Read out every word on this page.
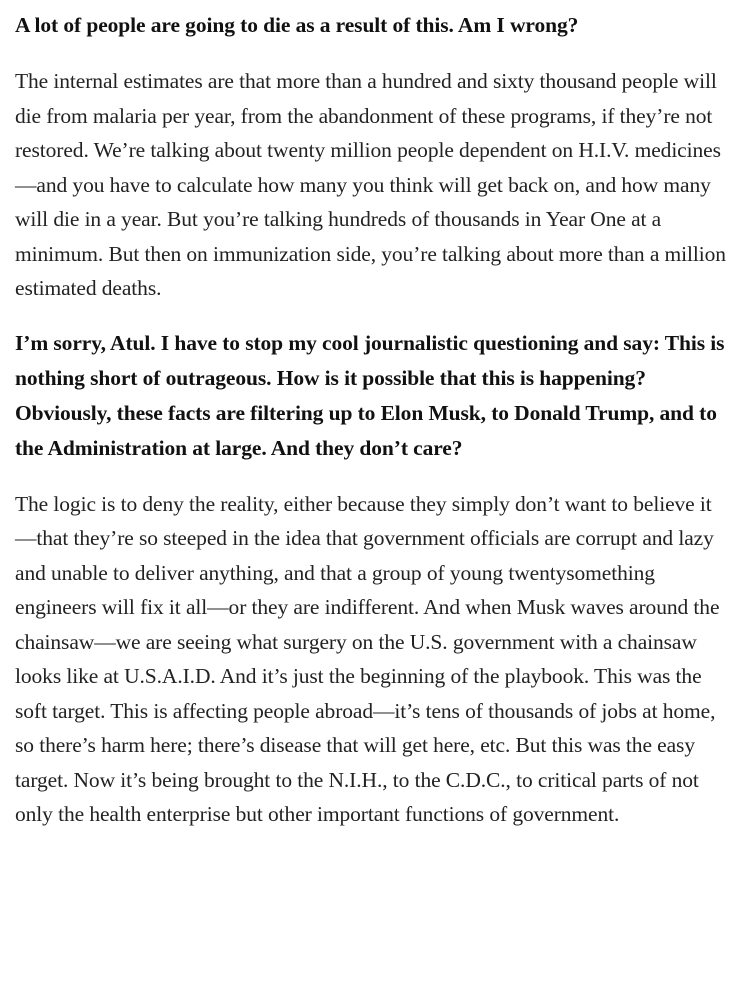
A lot of people are going to die as a result of this. Am I wrong?

The internal estimates are that more than a hundred and sixty thousand people will die from malaria per year, from the abandonment of these programs, if they’re not restored. We’re talking about twenty million people dependent on H.I.V. medicines—and you have to calculate how many you think will get back on, and how many will die in a year. But you’re talking hundreds of thousands in Year One at a minimum. But then on immunization side, you’re talking about more than a million estimated deaths.

I’m sorry, Atul. I have to stop my cool journalistic questioning and say: This is nothing short of outrageous. How is it possible that this is happening? Obviously, these facts are filtering up to Elon Musk, to Donald Trump, and to the Administration at large. And they don’t care?

The logic is to deny the reality, either because they simply don’t want to believe it—that they’re so steeped in the idea that government officials are corrupt and lazy and unable to deliver anything, and that a group of young twentysomething engineers will fix it all—or they are indifferent. And when Musk waves around the chainsaw—we are seeing what surgery on the U.S. government with a chainsaw looks like at U.S.A.I.D. And it’s just the beginning of the playbook. This was the soft target. This is affecting people abroad—it’s tens of thousands of jobs at home, so there’s harm here; there’s disease that will get here, etc. But this was the easy target. Now it’s being brought to the N.I.H., to the C.D.C., to critical parts of not only the health enterprise but other important functions of government.
